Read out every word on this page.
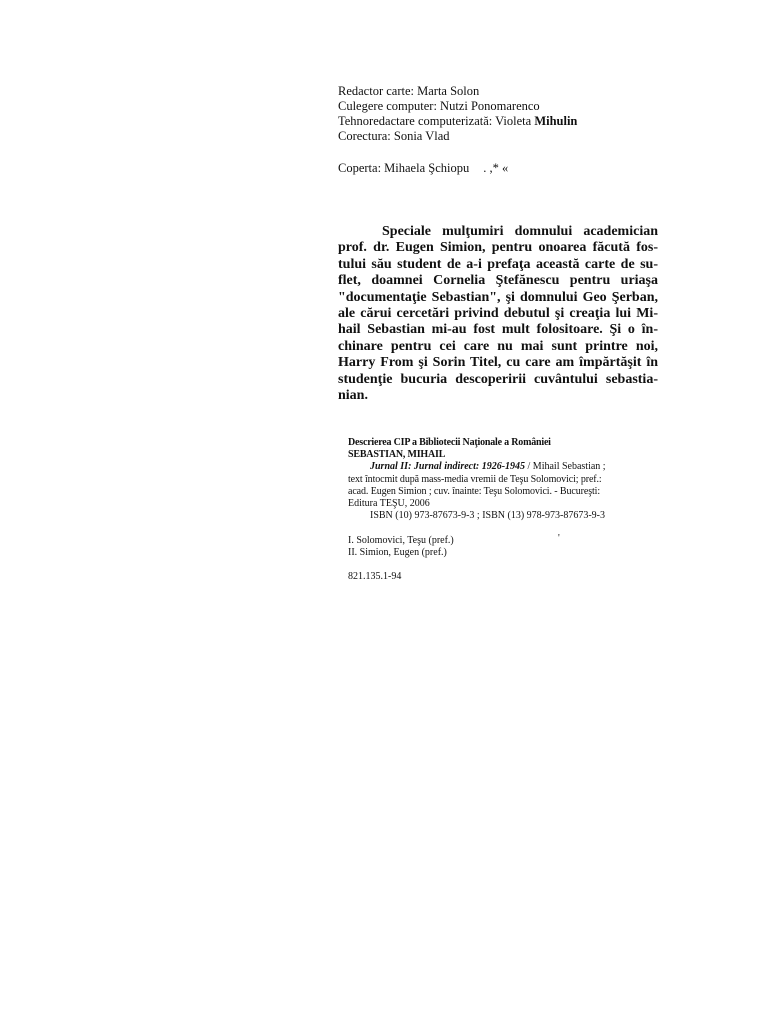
Redactor carte: Marta Solon
Culegere computer: Nutzi Ponomarenco
Tehnoredactare computerizată: Violeta Mihulin
Corectura: Sonia Vlad
Coperta: Mihaela Şchiopu . ,* «

Speciale mulţumiri domnului academician prof. dr. Eugen Simion, pentru onoarea făcută fostului său student de a-i prefaţa această carte de suflet, doamnei Cornelia Ştefănescu pentru uriaşa "documentaţie Sebastian", şi domnului Geo Şerban, ale cărui cercetări privind debutul şi creaţia lui Mihail Sebastian mi-au fost mult folositoare. Şi o închinare pentru cei care nu mai sunt printre noi, Harry From şi Sorin Titel, cu care am împărtăşit în studenţie bucuria descoperirii cuvântului sebastianian.

Descrierea CIP a Bibliotecii Naţionale a României
SEBASTIAN, MIHAIL
Jurnal II: Jurnal indirect: 1926-1945 / Mihail Sebastian ;
text întocmit după mass-media vremii de Teşu Solomovici; pref.:
acad. Eugen Simion ; cuv. înainte: Teşu Solomovici. - Bucureşti:
Editura TEŞU, 2006
ISBN (10) 973-87673-9-3 ; ISBN (13) 978-973-87673-9-3
I. Solomovici, Teşu (pref.)
II. Simion, Eugen (pref.)
'
821.135.1-94
